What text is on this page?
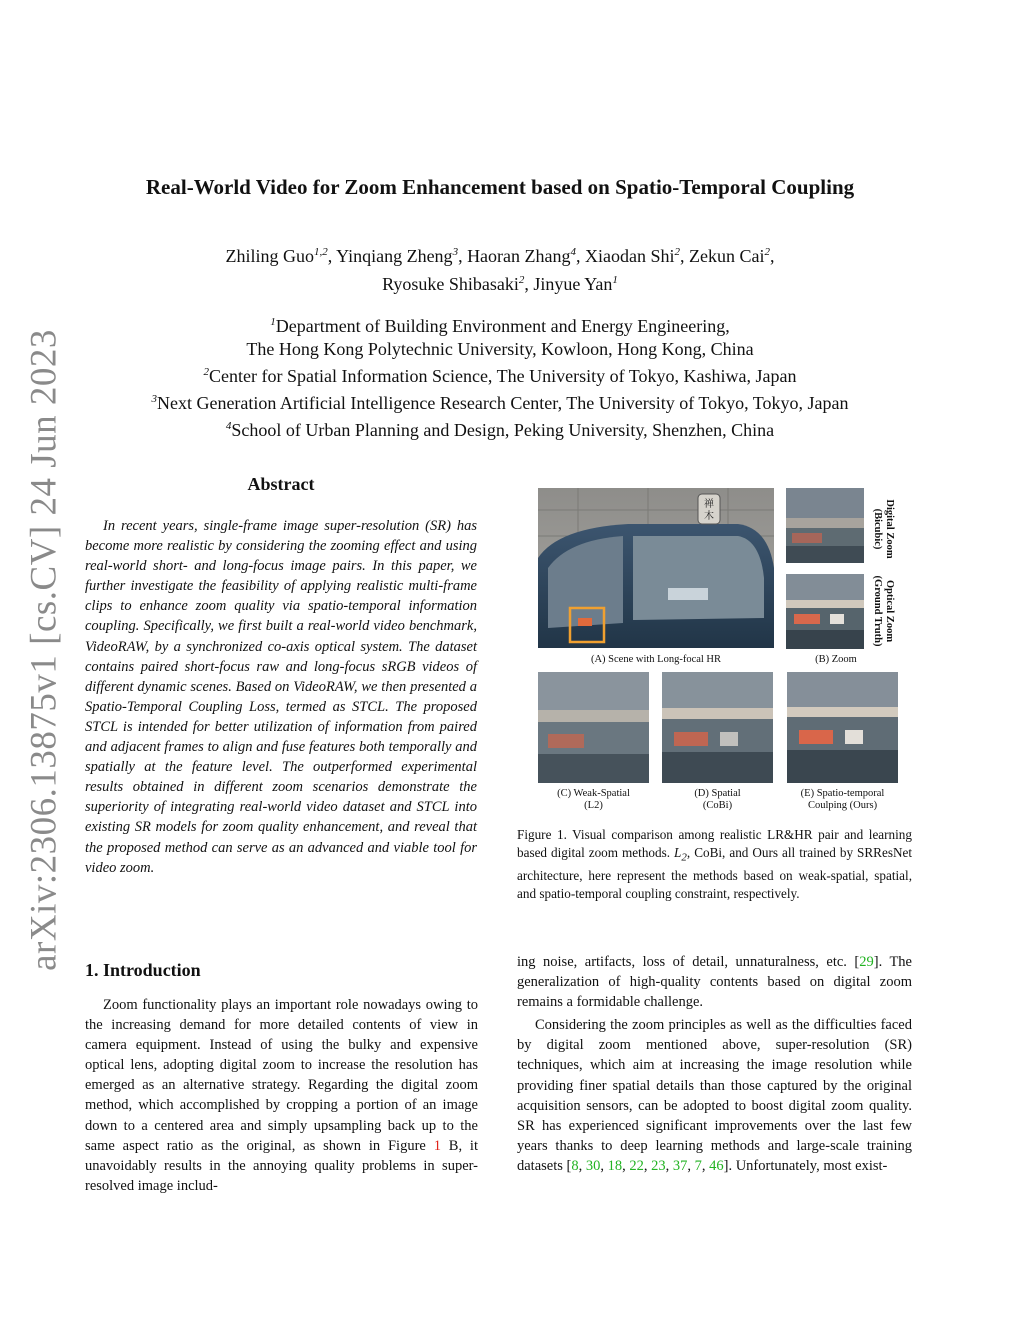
arXiv:2306.13875v1 [cs.CV] 24 Jun 2023
Real-World Video for Zoom Enhancement based on Spatio-Temporal Coupling
Zhiling Guo$^{1,2}$, Yinqiang Zheng$^3$, Haoran Zhang$^4$, Xiaodan Shi$^2$, Zekun Cai$^2$,
Ryosuke Shibasaki$^2$, Jinyue Yan$^1$
$^1$Department of Building Environment and Energy Engineering,
The Hong Kong Polytechnic University, Kowloon, Hong Kong, China
$^2$Center for Spatial Information Science, The University of Tokyo, Kashiwa, Japan
$^3$Next Generation Artificial Intelligence Research Center, The University of Tokyo, Tokyo, Japan
$^4$School of Urban Planning and Design, Peking University, Shenzhen, China
Abstract
In recent years, single-frame image super-resolution (SR) has become more realistic by considering the zooming effect and using real-world short- and long-focus image pairs. In this paper, we further investigate the feasibility of applying realistic multi-frame clips to enhance zoom quality via spatio-temporal information coupling. Specifically, we first built a real-world video benchmark, VideoRAW, by a synchronized co-axis optical system. The dataset contains paired short-focus raw and long-focus sRGB videos of different dynamic scenes. Based on VideoRAW, we then presented a Spatio-Temporal Coupling Loss, termed as STCL. The proposed STCL is intended for better utilization of information from paired and adjacent frames to align and fuse features both temporally and spatially at the feature level. The outperformed experimental results obtained in different zoom scenarios demonstrate the superiority of integrating real-world video dataset and STCL into existing SR models for zoom quality enhancement, and reveal that the proposed method can serve as an advanced and viable tool for video zoom.
1. Introduction
Zoom functionality plays an important role nowadays owing to the increasing demand for more detailed contents of view in camera equipment. Instead of using the bulky and expensive optical lens, adopting digital zoom to increase the resolution has emerged as an alternative strategy. Regarding the digital zoom method, which accomplished by cropping a portion of an image down to a centered area and simply upsampling back up to the same aspect ratio as the original, as shown in Figure 1 B, it unavoidably results in the annoying quality problems in super-resolved image includ-

ing noise, artifacts, loss of detail, unnaturalness, etc. [29]. The generalization of high-quality contents based on digital zoom remains a formidable challenge.

Considering the zoom principles as well as the difficulties faced by digital zoom mentioned above, super-resolution (SR) techniques, which aim at increasing the image resolution while providing finer spatial details than those captured by the original acquisition sensors, can be adopted to boost digital zoom quality. SR has experienced significant improvements over the last few years thanks to deep learning methods and large-scale training datasets [8, 30, 18, 22, 23, 37, 7, 46]. Unfortunately, most exist-

禅
木
(A) Scene with Long-focal HR
Digital Zoom
(Bicubic)
Optical Zoom
(Ground Truth)
(B) Zoom
(C) Weak-Spatial
(L2)
(D) Spatial
(CoBi)
(E) Spatio-temporal
Coulping (Ours)
Figure 1. Visual comparison among realistic LR&HR pair and learning based digital zoom methods. $L_2$, CoBi, and Ours all trained by SRResNet architecture, here represent the methods based on weak-spatial, spatial, and spatio-temporal coupling constraint, respectively.
